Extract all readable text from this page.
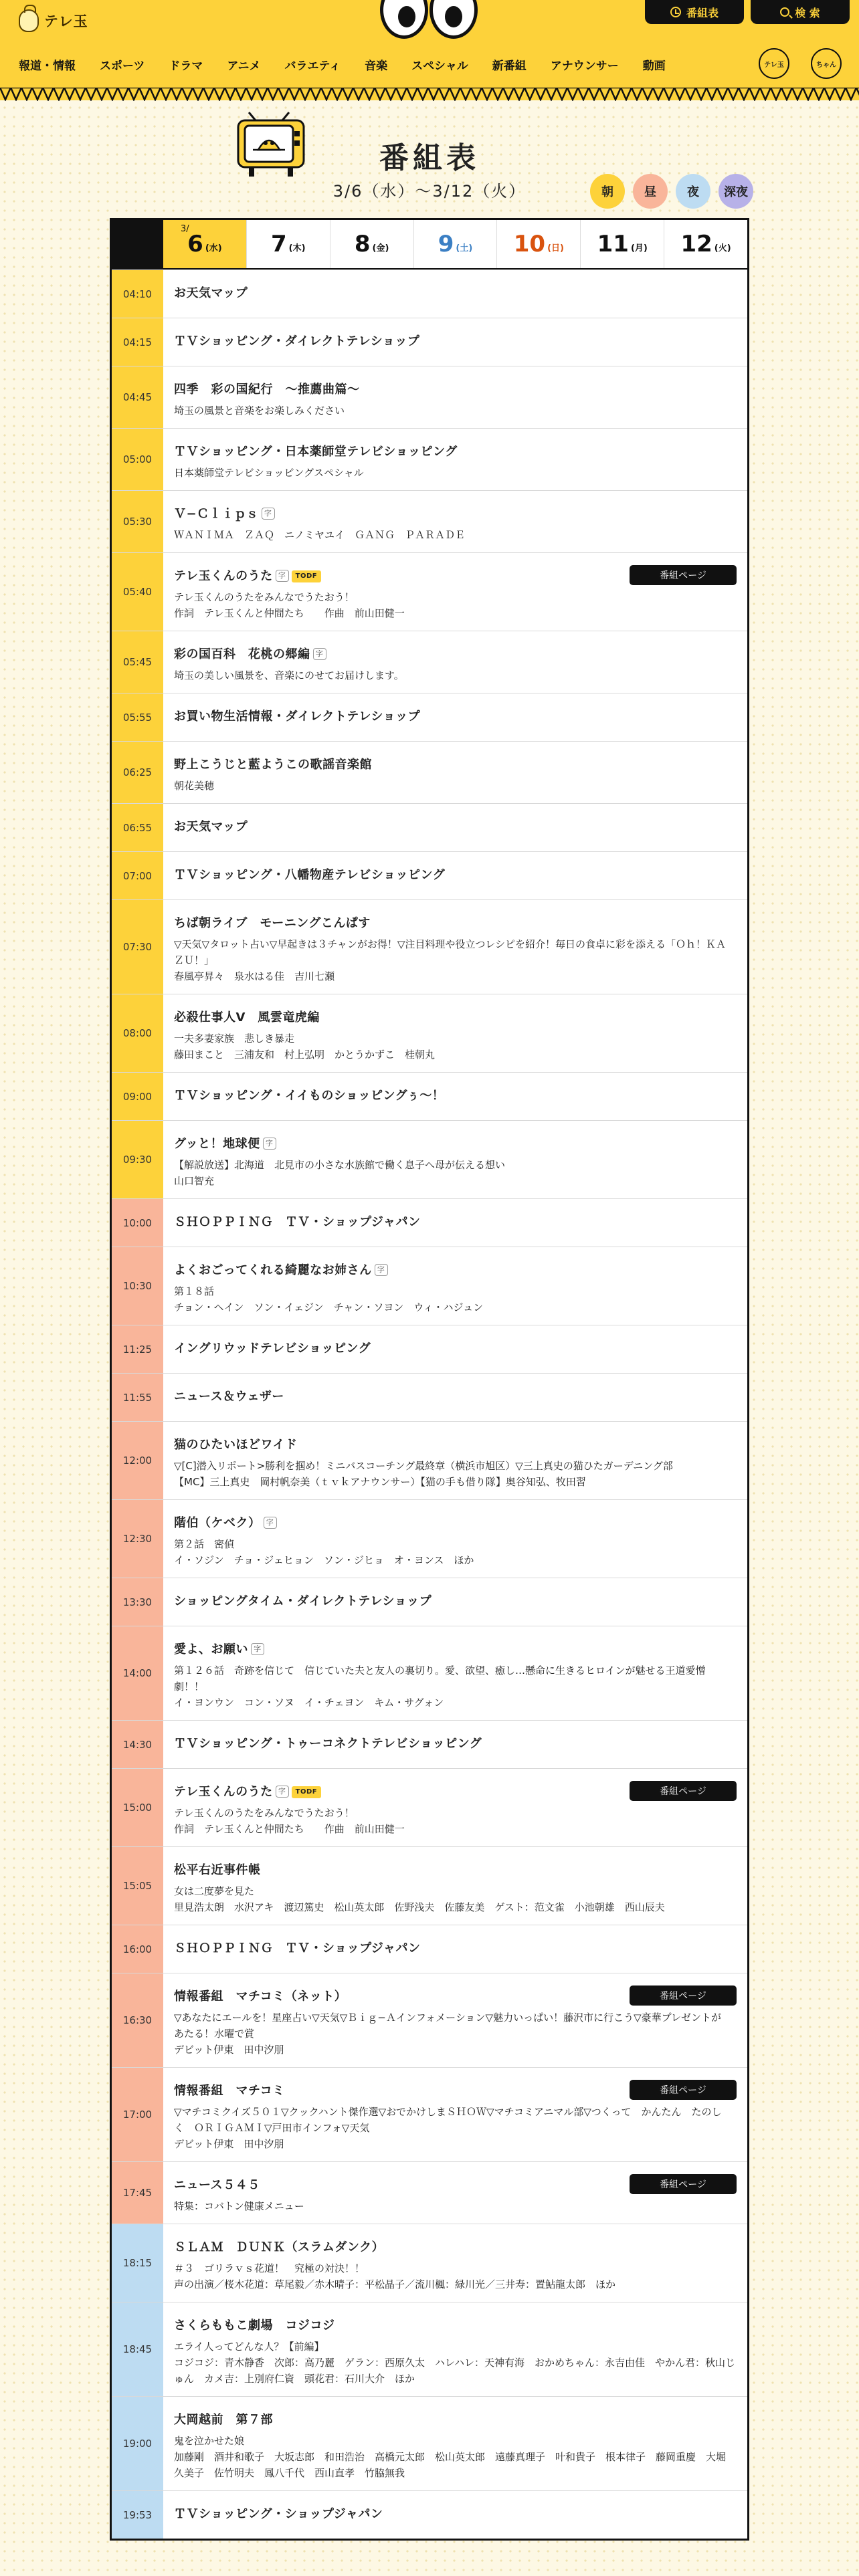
テレ玉
番組表	検 索
報道・情報 スポーツ ドラマ アニメ バラエティ 音楽 スペシャル 新番組 アナウンサー 動画	テレ玉	ちゃん
番組表
3/6（水）〜3/12（火）	朝	昼	夜	深夜
3/
6 (水) 7 (木) 8 (金) 9 (土) 10 (日) 11 (月) 12 (火)
04:10	お天気マップ
04:15	ＴＶショッピング・ダイレクトテレショップ
04:45
四季　彩の国紀行　〜推薦曲篇〜
埼玉の風景と音楽をお楽しみください
05:00
ＴＶショッピング・日本薬師堂テレビショッピング
日本薬師堂テレビショッピングスペシャル
05:30
Ｖ−Ｃｌｉｐｓ 字
ＷＡＮＩＭＡ　ＺＡＱ　ニノミヤユイ　ＧＡＮＧ　ＰＡＲＡＤＥ
05:40
テレ玉くんのうた 字 TODF	番組ページ
テレ玉くんのうたをみんなでうたおう！
作詞　テレ玉くんと仲間たち　　作曲　前山田健一
05:45
彩の国百科　花桃の郷編 字
埼玉の美しい風景を、音楽にのせてお届けします。
05:55	お買い物生活情報・ダイレクトテレショップ
06:25
野上こうじと藍ようこの歌謡音楽館
朝花美穂
06:55	お天気マップ
07:00	ＴＶショッピング・八幡物産テレビショッピング
07:30
ちば朝ライブ　モーニングこんぱす
▽天気▽タロット占い▽早起きは３チャンがお得！▽注目料理や役立つレシピを紹介！毎日の食卓に彩を添える「Ｏｈ！ＫＡＺＵ！」
春風亭昇々　泉水はる佳　吉川七瀬
08:00
必殺仕事人Ⅴ　風雲竜虎編
一夫多妻家族　悲しき暴走
藤田まこと　三浦友和　村上弘明　かとうかずこ　桂朝丸
09:00	ＴＶショッピング・イイものショッピングぅ〜！
09:30
グッと！地球便 字
【解説放送】北海道　北見市の小さな水族館で働く息子へ母が伝える想い
山口智充
10:00	ＳＨＯＰＰＩＮＧ　ＴＶ・ショップジャパン
10:30
よくおごってくれる綺麗なお姉さん 字
第１８話
チョン・ヘイン　ソン・イェジン　チャン・ソヨン　ウィ・ハジュン
11:25	イングリウッドテレビショッピング
11:55	ニュース＆ウェザー
12:00
猫のひたいほどワイド
▽[C]潜入リポート>勝利を掴め！ミニバスコーチング最終章（横浜市旭区）▽三上真史の猫ひたガーデニング部
【MC】三上真史　岡村帆奈美（ｔｖｋアナウンサー）【猫の手も借り隊】奥谷知弘、牧田習
12:30
階伯（ケベク） 字
第２話　密偵
イ・ソジン　チョ・ジェヒョン　ソン・ジヒョ　オ・ヨンス　ほか
13:30	ショッピングタイム・ダイレクトテレショップ
14:00
愛よ、お願い 字
第１２６話　奇跡を信じて　信じていた夫と友人の裏切り。愛、欲望、癒し…懸命に生きるヒロインが魅せる王道愛憎劇！！
イ・ヨンウン　コン・ソヌ　イ・チェヨン　キム・サグォン
14:30	ＴＶショッピング・トゥーコネクトテレビショッピング
15:00
テレ玉くんのうた 字 TODF	番組ページ
テレ玉くんのうたをみんなでうたおう！
作詞　テレ玉くんと仲間たち　　作曲　前山田健一
15:05
松平右近事件帳
女は二度夢を見た
里見浩太朗　水沢アキ　渡辺篤史　松山英太郎　佐野浅夫　佐藤友美　ゲスト：范文雀　小池朝雄　西山辰夫
16:00	ＳＨＯＰＰＩＮＧ　ＴＶ・ショップジャパン
16:30
情報番組　マチコミ（ネット）	番組ページ
▽あなたにエールを！星座占い▽天気▽Ｂｉｇ−Ａインフォメーション▽魅力いっぱい！藤沢市に行こう▽豪華プレゼントがあたる！水曜で賞
デビット伊東　田中汐朋
17:00
情報番組　マチコミ	番組ページ
▽マチコミクイズ５０１▽クックハント傑作選▽おでかけしまＳＨＯＷ▽マチコミアニマル部▽つくって　かんたん　たのしく　ＯＲＩＧＡＭＩ▽戸田市インフォ▽天気
デビット伊東　田中汐朋
17:45
ニュース５４５	番組ページ
特集：コバトン健康メニュー
18:15
ＳＬＡＭ　ＤＵＮＫ（スラムダンク）
＃３　ゴリラｖｓ花道！　究極の対決！！
声の出演／桜木花道：草尾毅／赤木晴子：平松晶子／流川楓：緑川光／三井寿：置鮎龍太郎　ほか
18:45
さくらももこ劇場　コジコジ
エライ人ってどんな人？【前編】
コジコジ：青木静香　次郎：高乃麗　ゲラン：西原久太　ハレハレ：天神有海　おかめちゃん：永吉由佳　やかん君：秋山じゅん　カメ吉：上別府仁資　頭花君：石川大介　ほか
19:00
大岡越前　第７部
鬼を泣かせた娘
加藤剛　酒井和歌子　大坂志郎　和田浩治　高橋元太郎　松山英太郎　遠藤真理子　叶和貴子　根本律子　藤岡重慶　大堀久美子　佐竹明夫　鳳八千代　西山直孝　竹脇無我
19:53	ＴＶショッピング・ショップジャパン
